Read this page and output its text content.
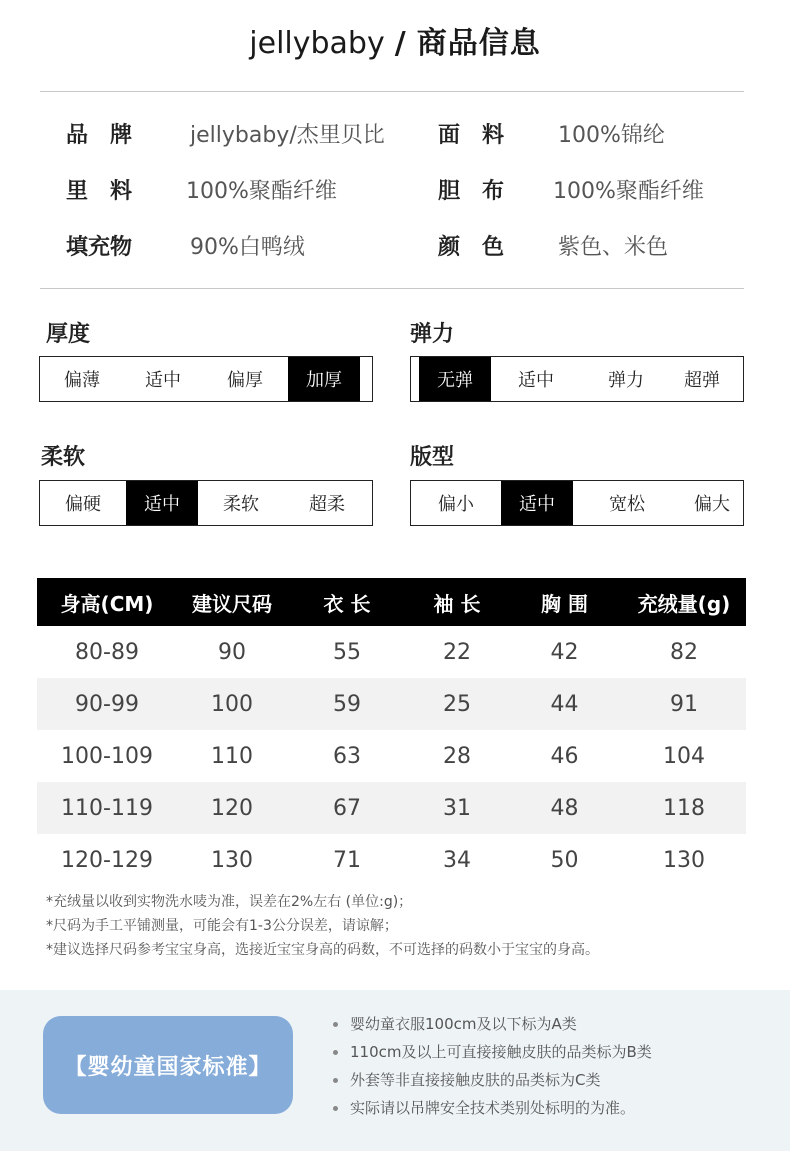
jellybaby / 商品信息
品　牌	jellybaby/杰里贝比 面　料	100%锦纶
里　料	100%聚酯纤维	胆　布	100%聚酯纤维
填充物	90%白鸭绒	颜　色	紫色、米色
厚度
偏薄	适中	偏厚	加厚
弹力
无弹	适中	弹力	超弹
柔软
偏硬	适中	柔软	超柔
版型
偏小	适中	宽松	偏大
身高(CM)	建议尺码	衣 长	袖 长	胸 围	充绒量(g)
80-89	90	55	22	42	82
90-99	100	59	25	44	91
100-109	110	63	28	46	104
110-119	120	67	31	48	118
120-129	130	71	34	50	130
*充绒量以收到实物洗水唛为准，误差在2%左右 (单位:g)；
*尺码为手工平铺测量，可能会有1-3公分误差，请谅解；
*建议选择尺码参考宝宝身高，选接近宝宝身高的码数，不可选择的码数小于宝宝的身高。
【婴幼童国家标准】
婴幼童衣服100cm及以下标为A类
110cm及以上可直接接触皮肤的品类标为B类
外套等非直接接触皮肤的品类标为C类
实际请以吊牌安全技术类别处标明的为准。
